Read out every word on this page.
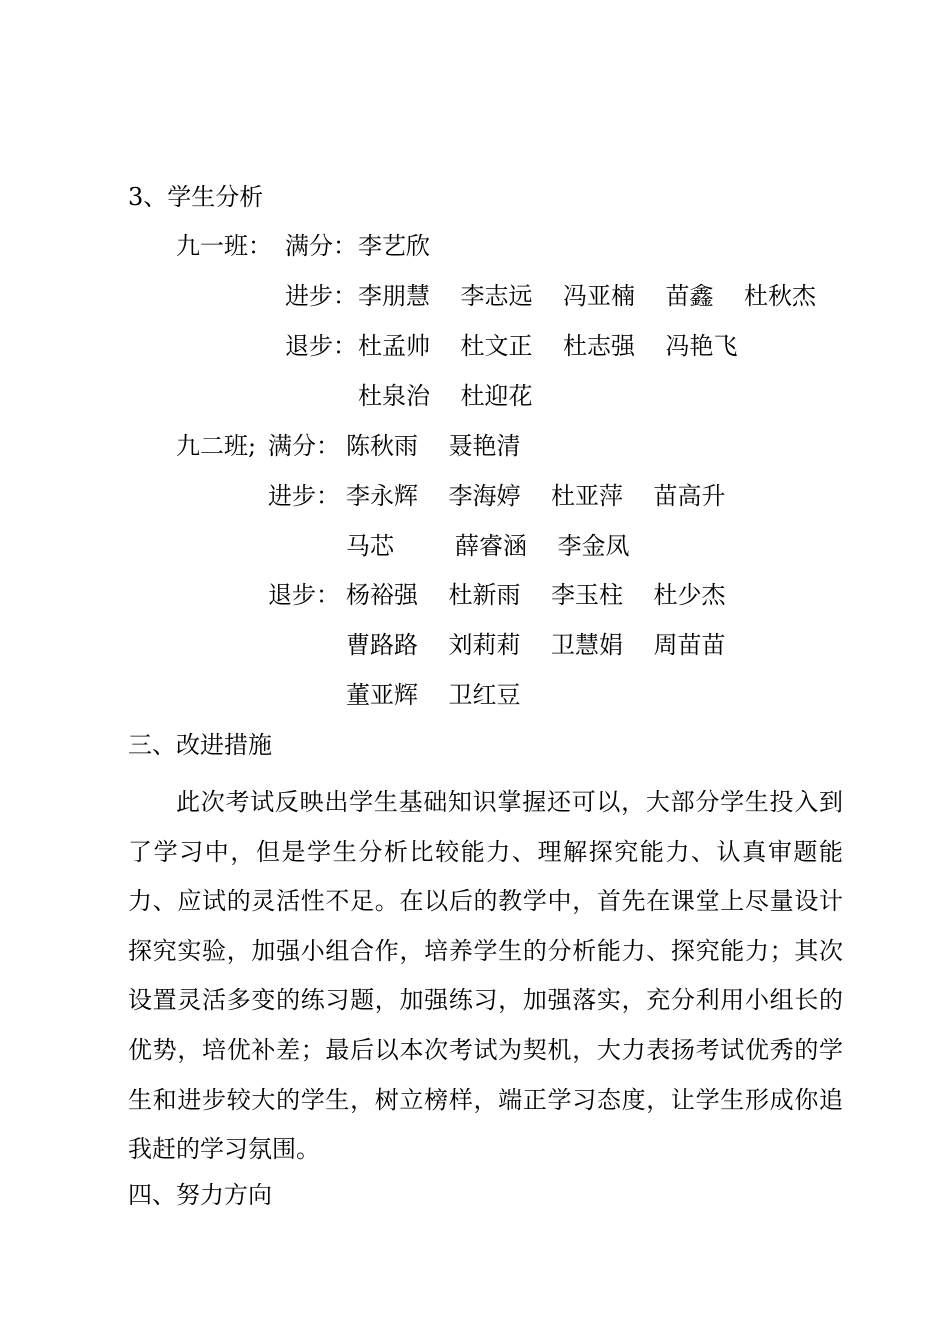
3、学生分析
九一班： 满分： 李艺欣
进步： 李朋慧    李志远    冯亚楠    苗鑫    杜秋杰
退步： 杜孟帅    杜文正    杜志强    冯艳飞
杜泉治    杜迎花
九二班; 满分： 陈秋雨    聂艳清
进步： 李永辉    李海婷    杜亚萍    苗高升
马芯        薛睿涵    李金凤
退步： 杨裕强    杜新雨    李玉柱    杜少杰
曹路路    刘莉莉    卫慧娟    周苗苗
董亚辉    卫红豆
三、改进措施
此次考试反映出学生基础知识掌握还可以，大部分学生投入到了学习中，但是学生分析比较能力、理解探究能力、认真审题能力、应试的灵活性不足。在以后的教学中，首先在课堂上尽量设计探究实验，加强小组合作，培养学生的分析能力、探究能力；其次设置灵活多变的练习题，加强练习，加强落实，充分利用小组长的优势，培优补差；最后以本次考试为契机，大力表扬考试优秀的学生和进步较大的学生，树立榜样，端正学习态度，让学生形成你追我赶的学习氛围。
四、努力方向
